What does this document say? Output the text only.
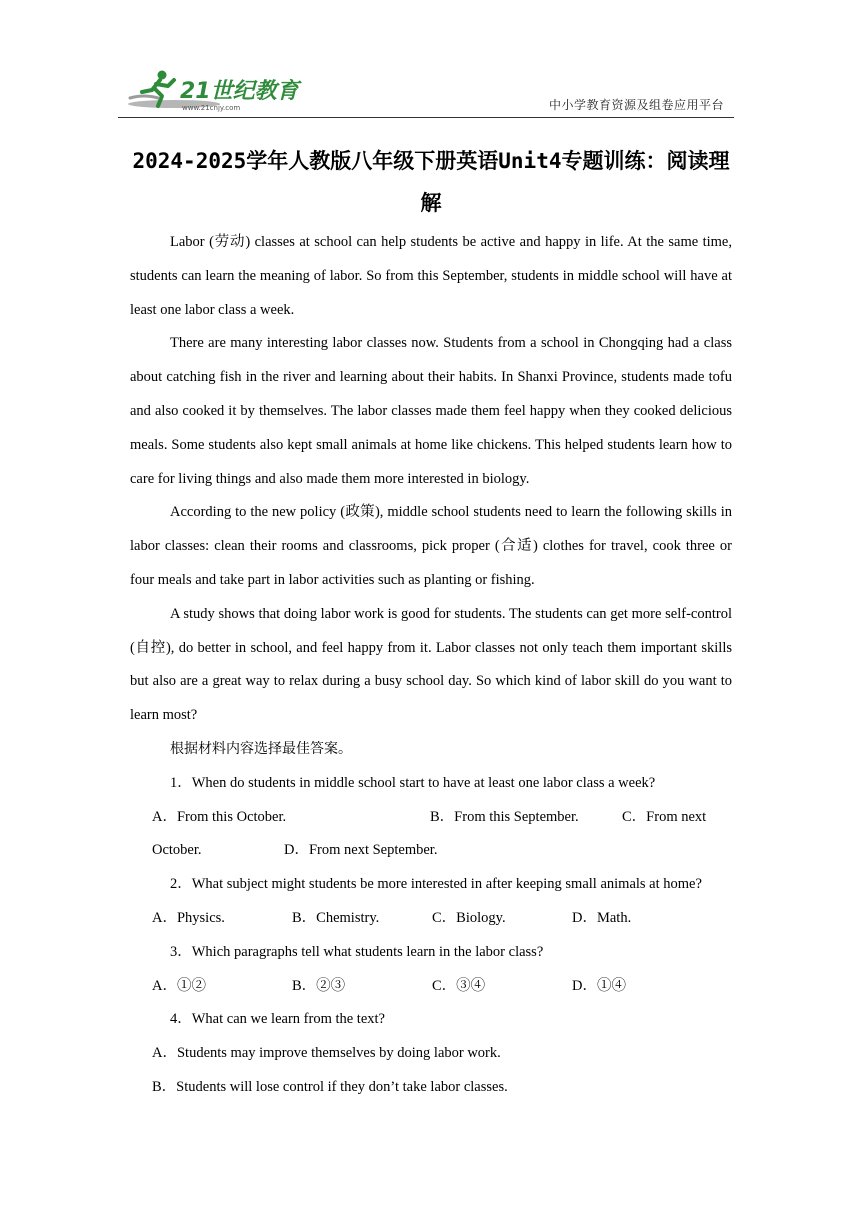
21世纪教育
www.21cnjy.com	中小学教育资源及组卷应用平台
2024-2025学年人教版八年级下册英语Unit4专题训练：阅读理解

Labor (劳动) classes at school can help students be active and happy in life. At the same time, students can learn the meaning of labor. So from this September, students in middle school will have at least one labor class a week.

There are many interesting labor classes now. Students from a school in Chongqing had a class about catching fish in the river and learning about their habits. In Shanxi Province, students made tofu and also cooked it by themselves. The labor classes made them feel happy when they cooked delicious meals. Some students also kept small animals at home like chickens. This helped students learn how to care for living things and also made them more interested in biology.

According to the new policy (政策), middle school students need to learn the following skills in labor classes: clean their rooms and classrooms, pick proper (合适) clothes for travel, cook three or four meals and take part in labor activities such as planting or fishing.

A study shows that doing labor work is good for students. The students can get more self-control (自控), do better in school, and feel happy from it. Labor classes not only teach them important skills but also are a great way to relax during a busy school day. So which kind of labor skill do you want to learn most?

根据材料内容选择最佳答案。

1．When do students in middle school start to have at least one labor class a week?

A．From this October.	B．From this September.	C．From next
October.	D．From next September.

2．What subject might students be more interested in after keeping small animals at home?

A．Physics.	B．Chemistry.	C．Biology.	D．Math.

3．Which paragraphs tell what students learn in the labor class?

A．①②	B．②③	C．③④	D．①④

4．What can we learn from the text?

A．Students may improve themselves by doing labor work.
B．Students will lose control if they don’t take labor classes.
